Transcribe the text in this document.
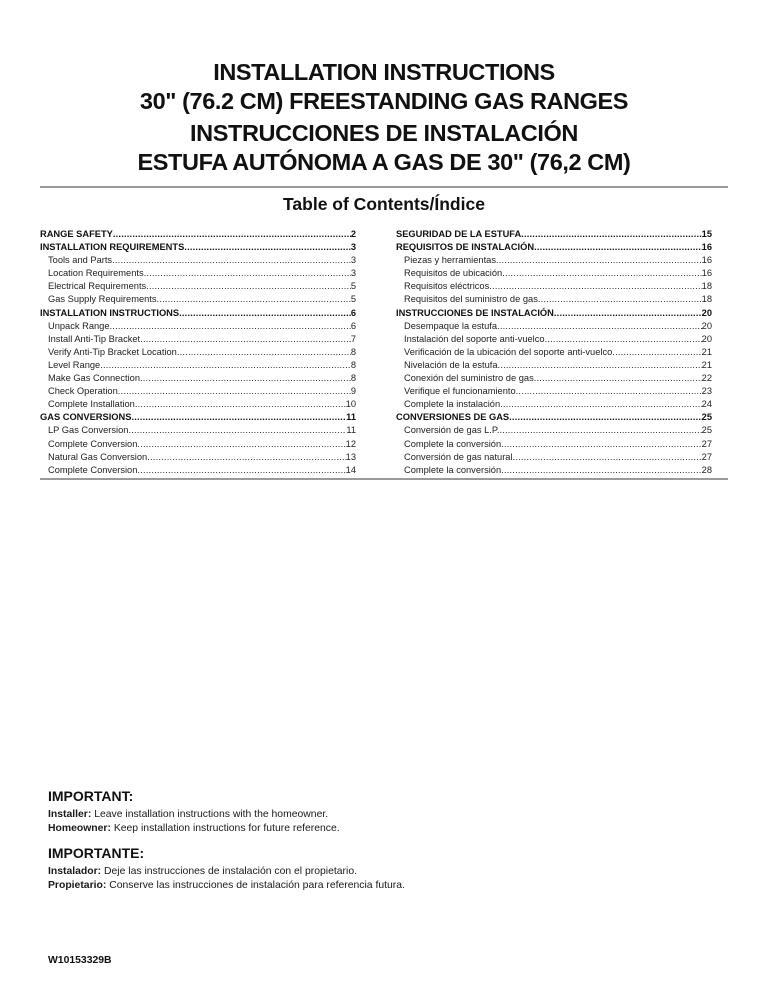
INSTALLATION INSTRUCTIONS
30" (76.2 CM) FREESTANDING GAS RANGES
INSTRUCCIONES DE INSTALACIÓN
ESTUFA AUTÓNOMA A GAS DE 30" (76,2 CM)
Table of Contents/Índice
RANGE SAFETY .....	2
INSTALLATION REQUIREMENTS .....	3
Tools and Parts .....	3
Location Requirements .....	3
Electrical Requirements .....	5
Gas Supply Requirements .....	5
INSTALLATION INSTRUCTIONS .....	6
Unpack Range .....	6
Install Anti-Tip Bracket .....	7
Verify Anti-Tip Bracket Location .....	8
Level Range .....	8
Make Gas Connection .....	8
Check Operation .....	9
Complete Installation .....	10
GAS CONVERSIONS .....	11
LP Gas Conversion .....	11
Complete Conversion .....	12
Natural Gas Conversion .....	13
Complete Conversion .....	14
SEGURIDAD DE LA ESTUFA .....	15
REQUISITOS DE INSTALACIÓN .....	16
Piezas y herramientas .....	16
Requisitos de ubicación .....	16
Requisitos eléctricos .....	18
Requisitos del suministro de gas .....	18
INSTRUCCIONES DE INSTALACIÓN .....	20
Desempaque la estufa .....	20
Instalación del soporte anti-vuelco .....	20
Verificación de la ubicación del soporte anti-vuelco .....	21
Nivelación de la estufa .....	21
Conexión del suministro de gas .....	22
Verifique el funcionamiento .....	23
Complete la instalación .....	24
CONVERSIONES DE GAS .....	25
Conversión de gas L.P. .....	25
Complete la conversión .....	27
Conversión de gas natural .....	27
Complete la conversión .....	28
IMPORTANT:

Installer: Leave installation instructions with the homeowner.

Homeowner: Keep installation instructions for future reference.

IMPORTANTE:

Instalador: Deje las instrucciones de instalación con el propietario.

Propietario: Conserve las instrucciones de instalación para referencia futura.

W10153329B
